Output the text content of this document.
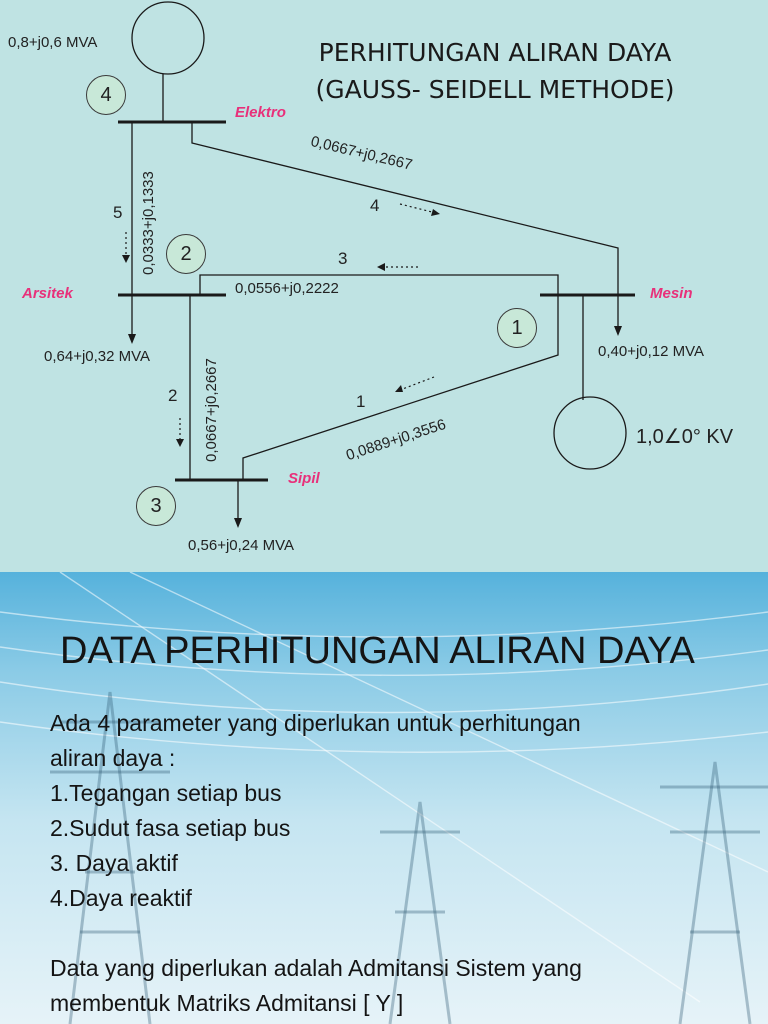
PERHITUNGAN ALIRAN DAYA
(GAUSS- SEIDELL METHODE)
Elektro
Arsitek	Mesin
Sipil
4
2
1
3
0,8+j0,6 MVA
0,64+j0,32 MVA	0,40+j0,12 MVA
0,56+j0,24 MVA
1,0∠0° KV
4
5
3
2	1
0,0667+j0,2667
0,0333+j0,1333
0,0556+j0,2222
0,0667+j0,2667	0,0889+j0,3556
DATA PERHITUNGAN ALIRAN DAYA
Ada 4 parameter yang diperlukan untuk perhitungan
aliran daya :
1.Tegangan setiap bus
2.Sudut fasa setiap bus
3. Daya aktif
4.Daya reaktif
Data yang diperlukan adalah Admitansi Sistem yang
membentuk Matriks Admitansi [ Y ]
